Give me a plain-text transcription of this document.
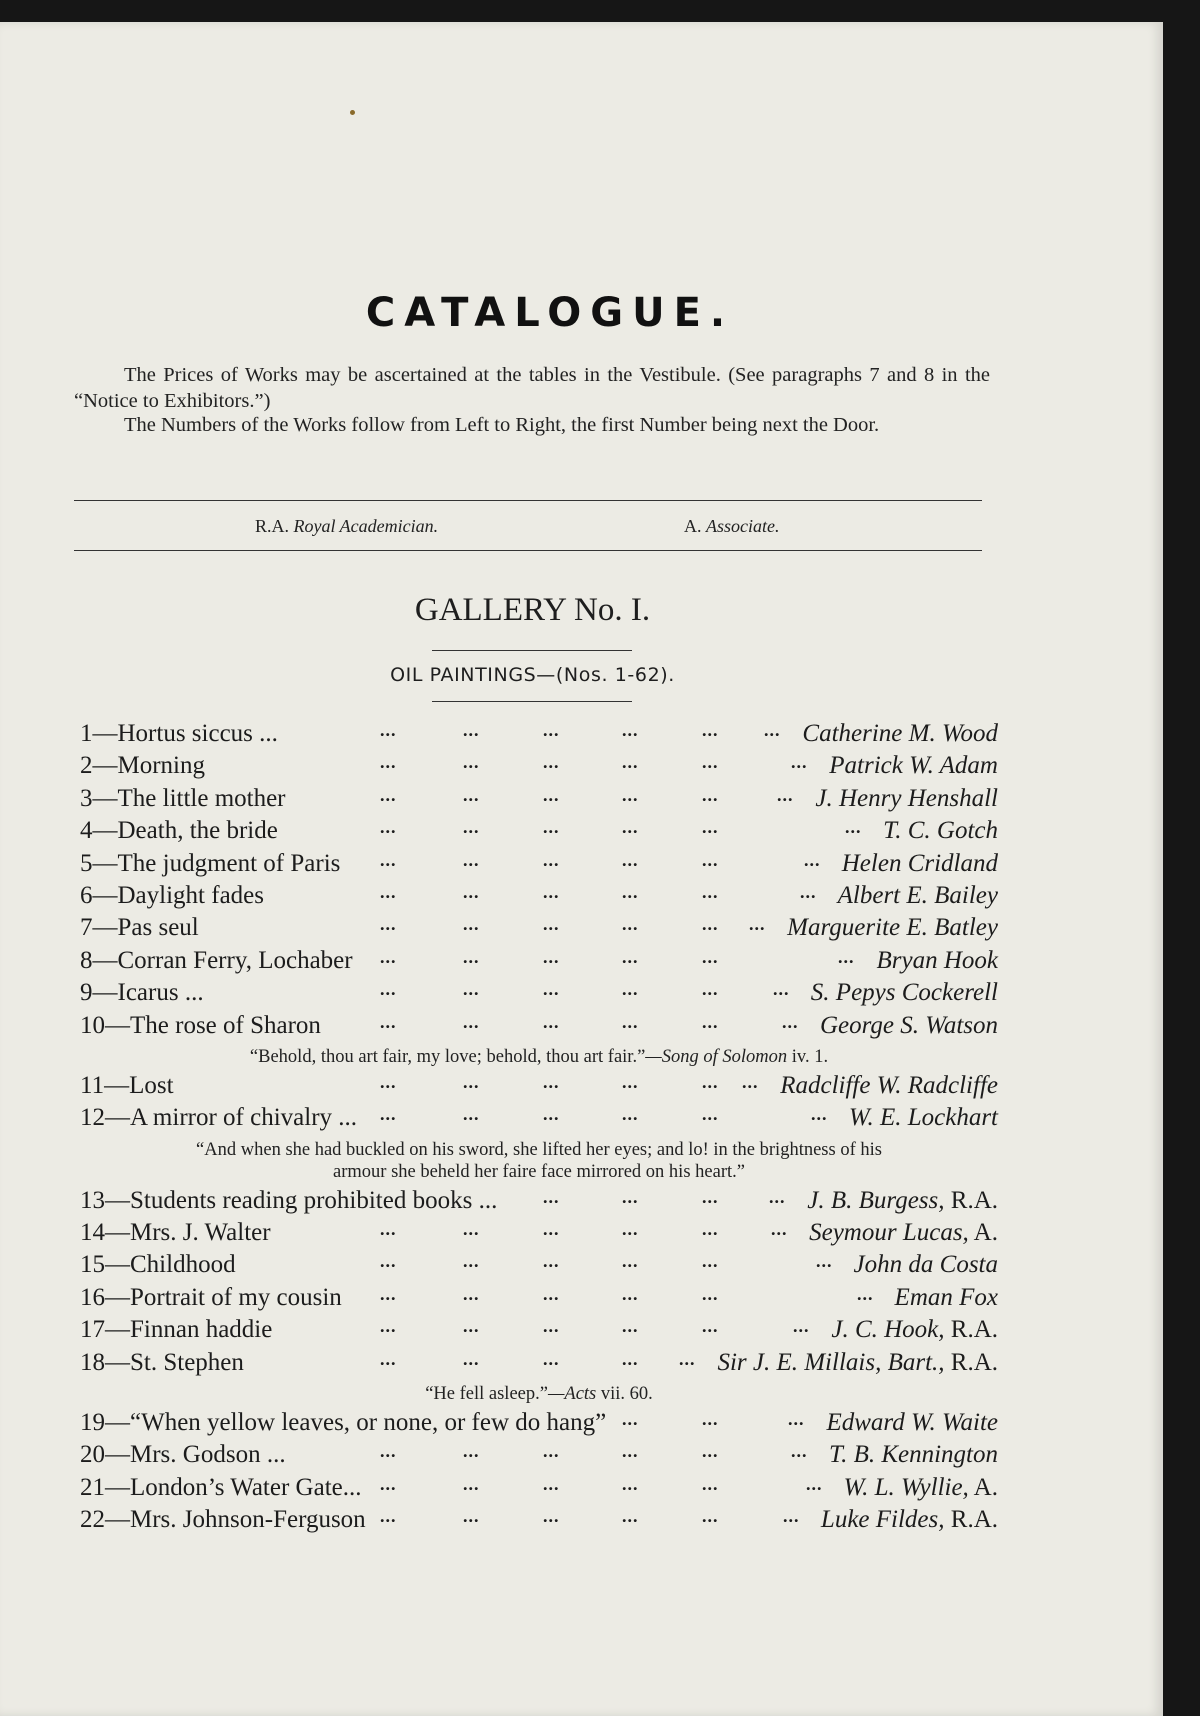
CATALOGUE.

The Prices of Works may be ascertained at the tables in the Vestibule. (See paragraphs 7 and 8 in the “Notice to Exhibitors.”)

The Numbers of the Works follow from Left to Right, the first Number being next the Door.

R.A. Royal Academician.	A. Associate.
GALLERY No. I.
OIL PAINTINGS—(Nos. 1-62).
1—Hortus siccus ...	Catherine M. Wood
...	...	...	...	...	...
2—Morning	Patrick W. Adam
...	...	...	...	...	...
3—The little mother	J. Henry Henshall
...	...	...	...	...	...
4—Death, the bride	T. C. Gotch
...	...	...	...	...	...
5—The judgment of Paris	Helen Cridland
...	...	...	...	...	...
6—Daylight fades	Albert E. Bailey
...	...	...	...	...	...
7—Pas seul	Marguerite E. Batley
...	...	...	...	... ...
8—Corran Ferry, Lochaber	Bryan Hook
...	...	...	...	...	...
9—Icarus ...	S. Pepys Cockerell
...	...	...	...	...	...
10—The rose of Sharon	George S. Watson
...	...	...	...	...	...
“Behold, thou art fair, my love; behold, thou art fair.”—Song of Solomon iv. 1.
11—Lost	Radcliffe W. Radcliffe
...	...	...	...	... ...
12—A mirror of chivalry ...	W. E. Lockhart
...	...	...	...	...	...
“And when she had buckled on his sword, she lifted her eyes; and lo! in the brightness of his armour she beheld her faire face mirrored on his heart.”
13—Students reading prohibited books ...	J. B. Burgess, R.A.
...	...	...	...
14—Mrs. J. Walter	Seymour Lucas, A.
...	...	...	...	...	...
15—Childhood	John da Costa
...	...	...	...	...	...
16—Portrait of my cousin	Eman Fox
...	...	...	...	...	...
17—Finnan haddie	J. C. Hook, R.A.
...	...	...	...	...	...
18—St. Stephen	Sir J. E. Millais, Bart., R.A.
...	...	...	... ...
“He fell asleep.”—Acts vii. 60.
19—“When yellow leaves, or none, or few do hang”	Edward W. Waite
...	...	...
20—Mrs. Godson ...	T. B. Kennington
...	...	...	...	...	...
21—London’s Water Gate...	W. L. Wyllie, A.
...	...	...	...	...	...
22—Mrs. Johnson-Ferguson	Luke Fildes, R.A.
...	...	...	...	...	...
